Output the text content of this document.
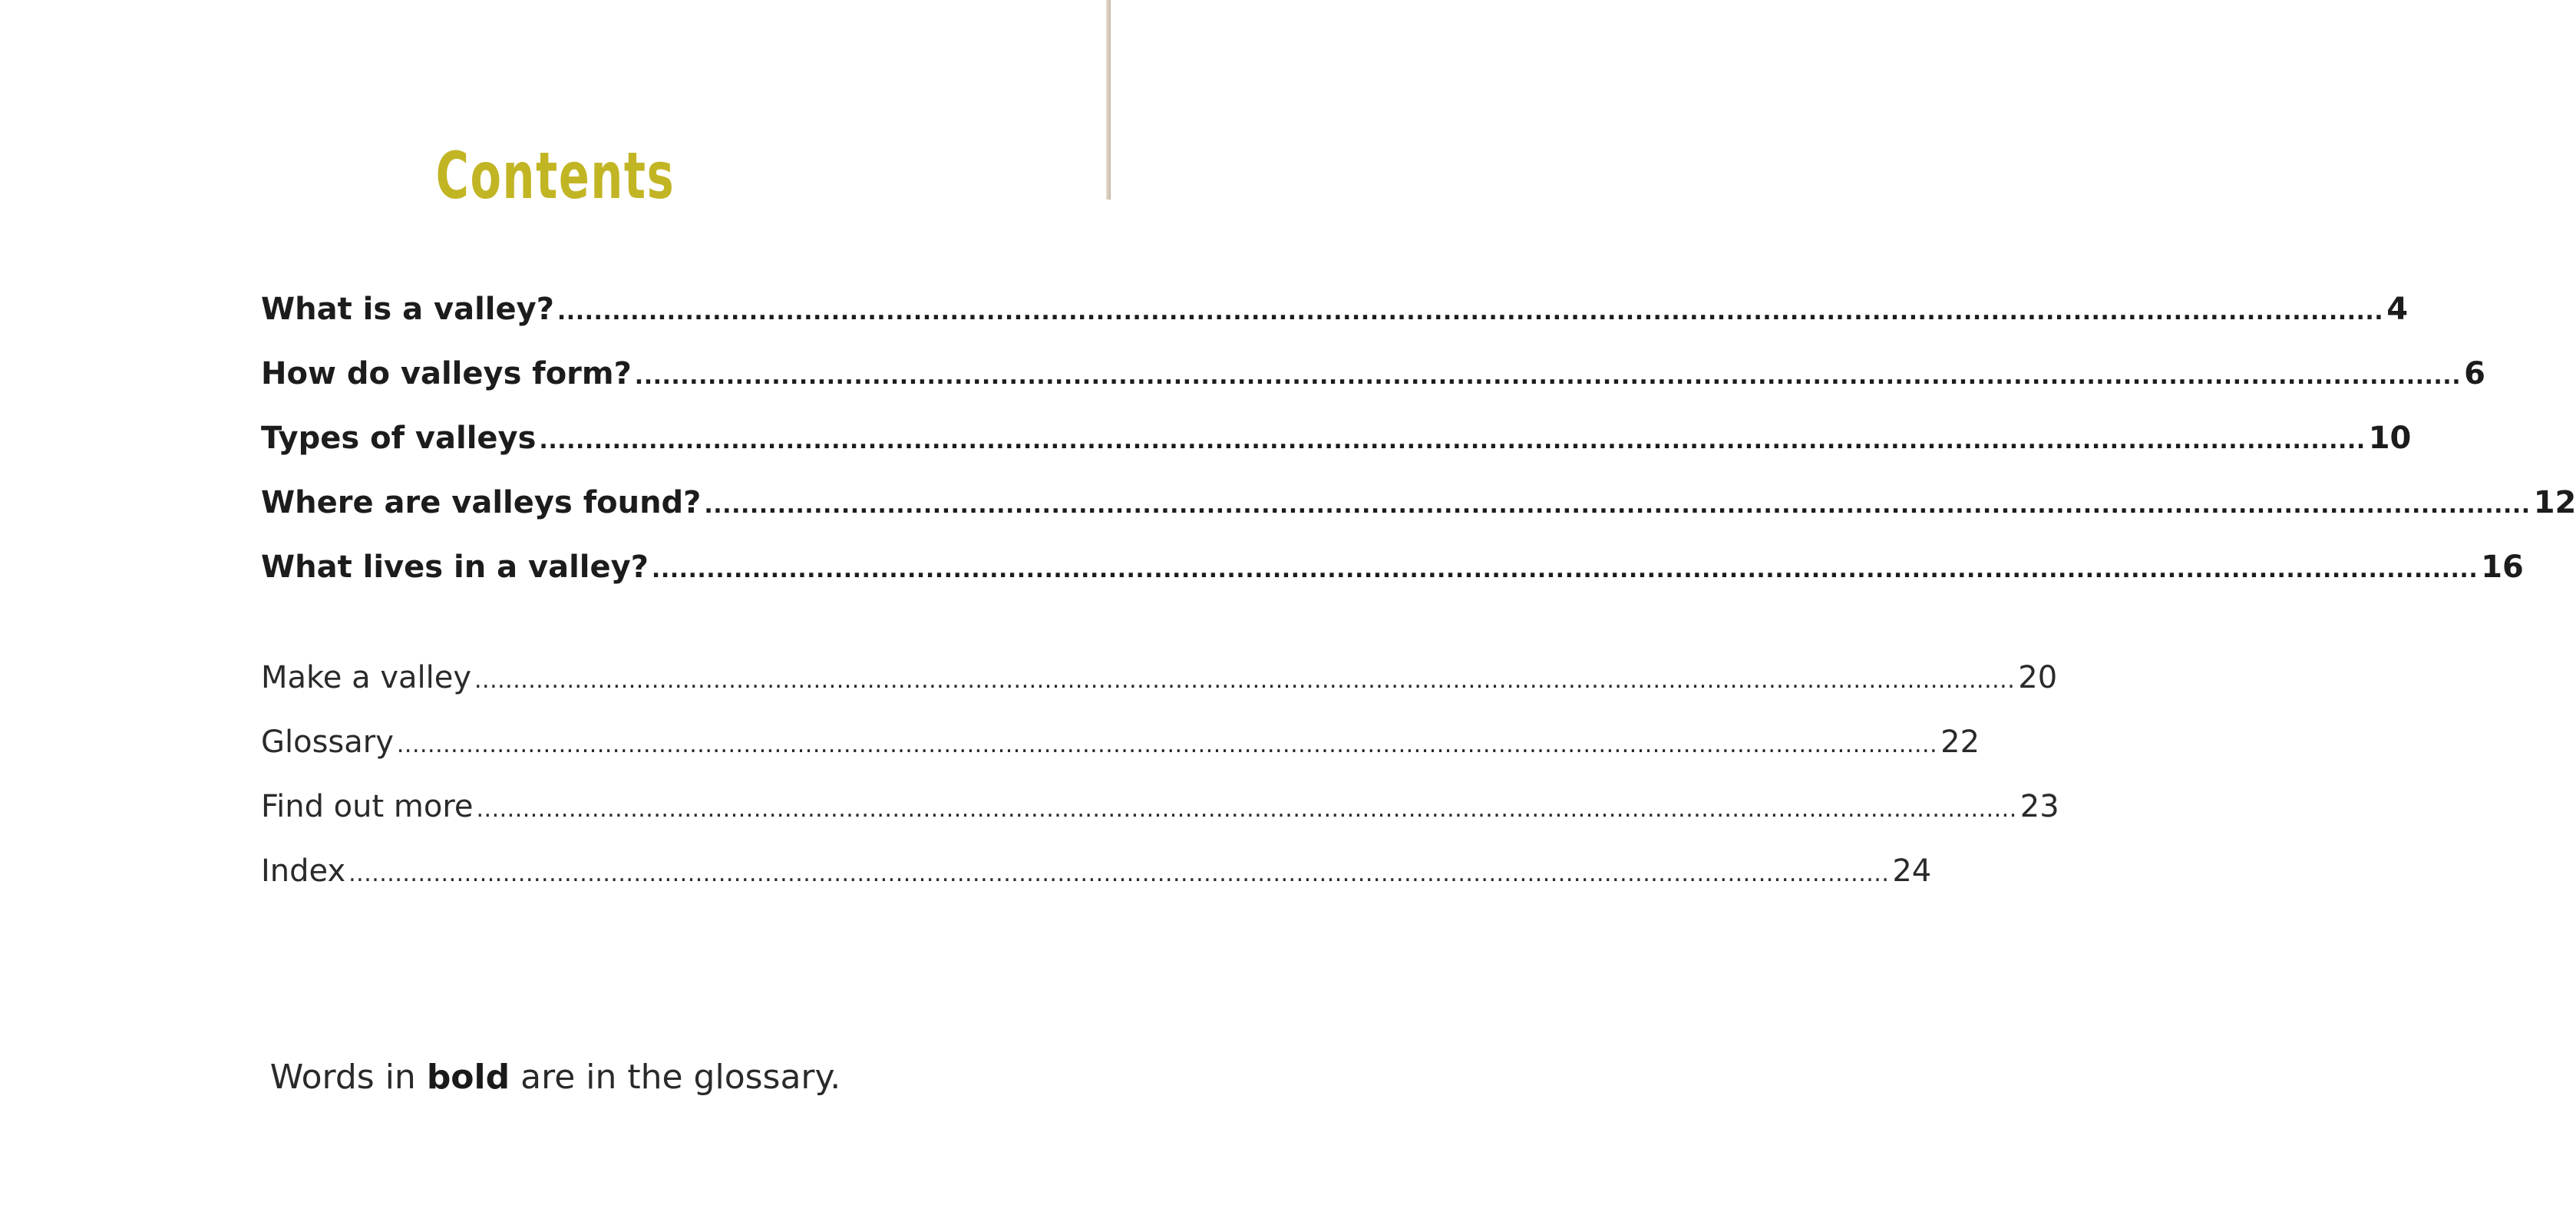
Contents
What is a valley? ........................................................................................................................................................................................................ 4
How do valleys form? ........................................................................................................................................................................................................ 6
Types of valleys ........................................................................................................................................................................................................ 10
Where are valleys found? ........................................................................................................................................................................................................ 12
What lives in a valley? ........................................................................................................................................................................................................ 16
Make a valley ........................................................................................................................................................................................................ 20
Glossary ........................................................................................................................................................................................................ 22
Find out more ........................................................................................................................................................................................................ 23
Index ........................................................................................................................................................................................................ 24
Words in bold are in the glossary.
